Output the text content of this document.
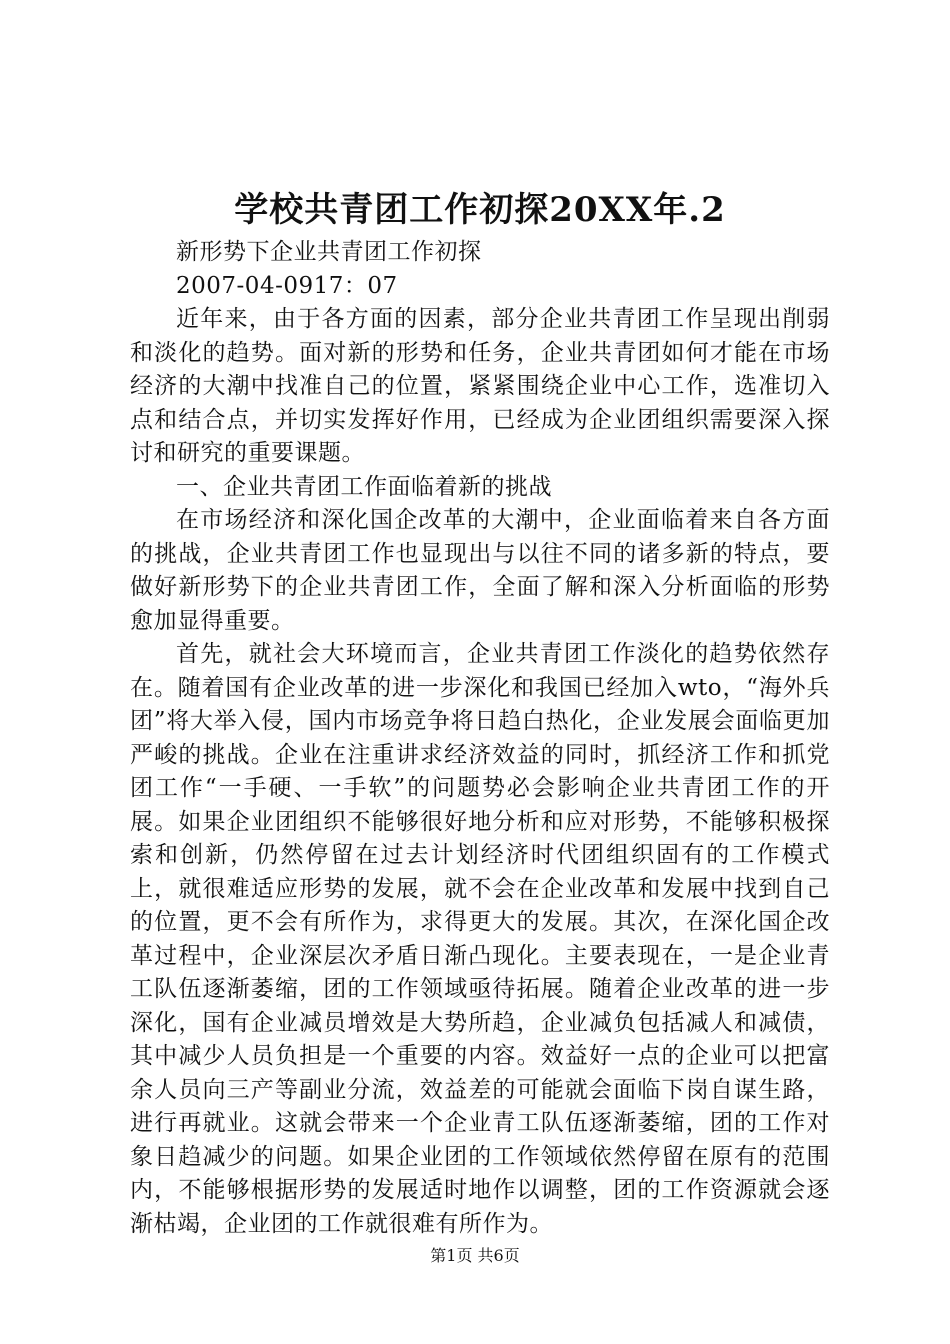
学校共青团工作初探20XX年.2

新形势下企业共青团工作初探

2007-04-0917：07

近年来，由于各方面的因素，部分企业共青团工作呈现出削弱和淡化的趋势。面对新的形势和任务，企业共青团如何才能在市场经济的大潮中找准自己的位置，紧紧围绕企业中心工作，选准切入点和结合点，并切实发挥好作用，已经成为企业团组织需要深入探讨和研究的重要课题。

一、企业共青团工作面临着新的挑战

在市场经济和深化国企改革的大潮中，企业面临着来自各方面的挑战，企业共青团工作也显现出与以往不同的诸多新的特点，要做好新形势下的企业共青团工作，全面了解和深入分析面临的形势愈加显得重要。

首先，就社会大环境而言，企业共青团工作淡化的趋势依然存在。随着国有企业改革的进一步深化和我国已经加入wto，“海外兵团”将大举入侵，国内市场竞争将日趋白热化，企业发展会面临更加严峻的挑战。企业在注重讲求经济效益的同时，抓经济工作和抓党团工作“一手硬、一手软”的问题势必会影响企业共青团工作的开展。如果企业团组织不能够很好地分析和应对形势，不能够积极探索和创新，仍然停留在过去计划经济时代团组织固有的工作模式上，就很难适应形势的发展，就不会在企业改革和发展中找到自己的位置，更不会有所作为，求得更大的发展。其次，在深化国企改革过程中，企业深层次矛盾日渐凸现化。主要表现在，一是企业青工队伍逐渐萎缩，团的工作领域亟待拓展。随着企业改革的进一步深化，国有企业减员增效是大势所趋，企业减负包括减人和减债，其中减少人员负担是一个重要的内容。效益好一点的企业可以把富余人员向三产等副业分流，效益差的可能就会面临下岗自谋生路，进行再就业。这就会带来一个企业青工队伍逐渐萎缩，团的工作对象日趋减少的问题。如果企业团的工作领域依然停留在原有的范围内，不能够根据形势的发展适时地作以调整，团的工作资源就会逐渐枯竭，企业团的工作就很难有所作为。

第1页 共6页
